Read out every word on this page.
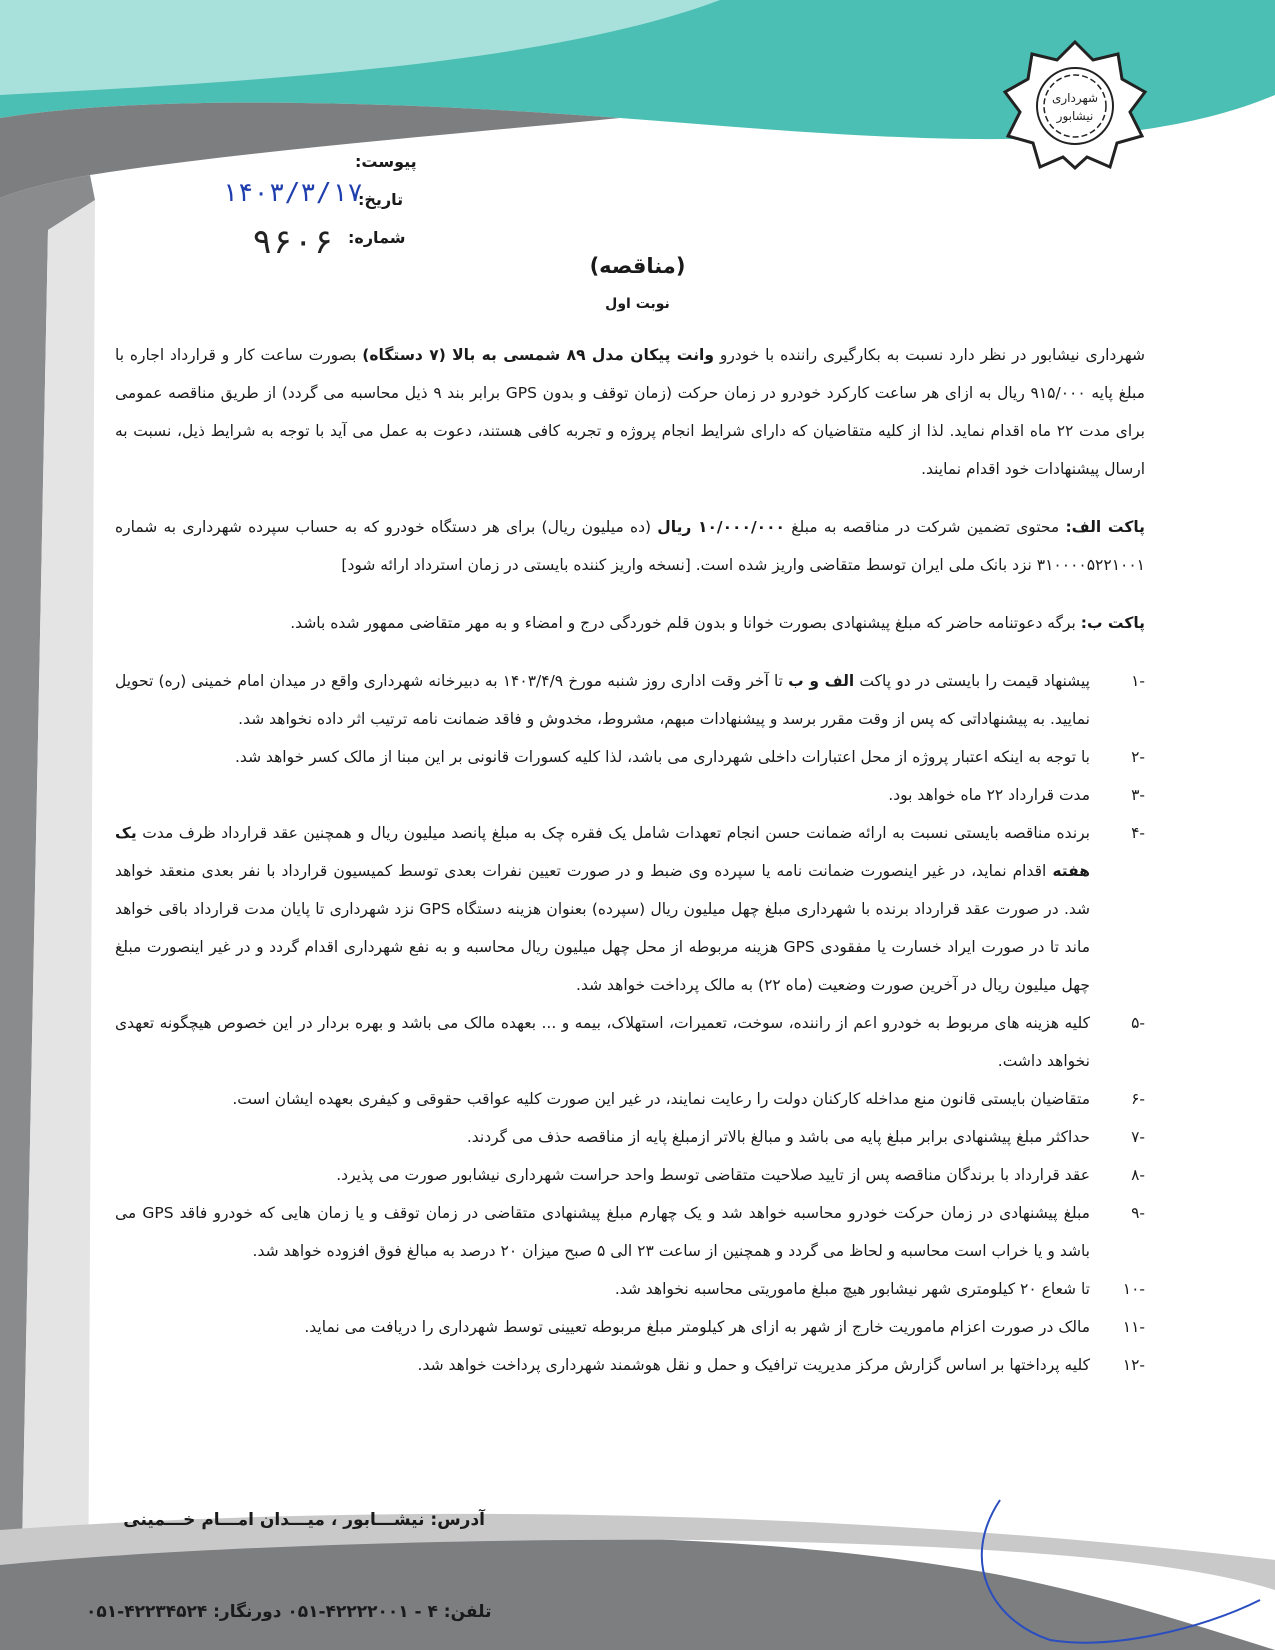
شهرداری
نیشابور
پیوست:
تاریخ:
شماره:
۱۴۰۳/۳/۱۷
۹۶۰۶
(مناقصه)
نوبت اول

شهرداری نیشابور در نظر دارد نسبت به بکارگیری راننده با خودرو وانت پیکان مدل ۸۹ شمسی به بالا (۷ دستگاه) بصورت ساعت کار و قرارداد اجاره با مبلغ پایه ۹۱۵/۰۰۰ ریال به ازای هر ساعت کارکرد خودرو در زمان حرکت (زمان توقف و بدون GPS برابر بند ۹ ذیل محاسبه می گردد) از طریق مناقصه عمومی برای مدت ۲۲ ماه اقدام نماید. لذا از کلیه متقاضیان که دارای شرایط انجام پروژه و تجربه کافی هستند، دعوت به عمل می آید با توجه به شرایط ذیل، نسبت به ارسال پیشنهادات خود اقدام نمایند.

پاکت الف: محتوی تضمین شرکت در مناقصه به مبلغ ۱۰/۰۰۰/۰۰۰ ریال (ده میلیون ریال) برای هر دستگاه خودرو که به حساب سپرده شهرداری به شماره ۳۱۰۰۰۰۵۲۲۱۰۰۱ نزد بانک ملی ایران توسط متقاضی واریز شده است. [نسخه واریز کننده بایستی در زمان استرداد ارائه شود]

پاکت ب: برگه دعوتنامه حاضر که مبلغ پیشنهادی بصورت خوانا و بدون قلم خوردگی درج و امضاء و به مهر متقاضی ممهور شده باشد.

-۱
پیشنهاد قیمت را بایستی در دو پاکت الف و ب تا آخر وقت اداری روز شنبه مورخ ۱۴۰۳/۴/۹ به دبیرخانه شهرداری واقع در میدان امام خمینی (ره) تحویل نمایید. به پیشنهاداتی که پس از وقت مقرر برسد و پیشنهادات مبهم، مشروط، مخدوش و فاقد ضمانت نامه ترتیب اثر داده نخواهد شد.
-۲
با توجه به اینکه اعتبار پروژه از محل اعتبارات داخلی شهرداری می باشد، لذا کلیه کسورات قانونی بر این مبنا از مالک کسر خواهد شد.
-۳
مدت قرارداد ۲۲ ماه خواهد بود.
-۴
برنده مناقصه بایستی نسبت به ارائه ضمانت حسن انجام تعهدات شامل یک فقره چک به مبلغ پانصد میلیون ریال و همچنین عقد قرارداد ظرف مدت یک هفته اقدام نماید، در غیر اینصورت ضمانت نامه یا سپرده وی ضبط و در صورت تعیین نفرات بعدی توسط کمیسیون قرارداد با نفر بعدی منعقد خواهد شد. در صورت عقد قرارداد برنده با شهرداری مبلغ چهل میلیون ریال (سپرده) بعنوان هزینه دستگاه GPS نزد شهرداری تا پایان مدت قرارداد باقی خواهد ماند تا در صورت ایراد خسارت یا مفقودی GPS هزینه مربوطه از محل چهل میلیون ریال محاسبه و به نفع شهرداری اقدام گردد و در غیر اینصورت مبلغ چهل میلیون ریال در آخرین صورت وضعیت (ماه ۲۲) به مالک پرداخت خواهد شد.
-۵
کلیه هزینه های مربوط به خودرو اعم از راننده، سوخت، تعمیرات، استهلاک، بیمه و ... بعهده مالک می باشد و بهره بردار در این خصوص هیچگونه تعهدی نخواهد داشت.
-۶
متقاضیان بایستی قانون منع مداخله کارکنان دولت را رعایت نمایند، در غیر این صورت کلیه عواقب حقوقی و کیفری بعهده ایشان است.
-۷
حداکثر مبلغ پیشنهادی برابر مبلغ پایه می باشد و مبالغ بالاتر ازمبلغ پایه از مناقصه حذف می گردند.
-۸
عقد قرارداد با برندگان مناقصه پس از تایید صلاحیت متقاضی توسط واحد حراست شهرداری نیشابور صورت می پذیرد.
-۹
مبلغ پیشنهادی در زمان حرکت خودرو محاسبه خواهد شد و یک چهارم مبلغ پیشنهادی متقاضی در زمان توقف و یا زمان هایی که خودرو فاقد GPS می باشد و یا خراب است محاسبه و لحاظ می گردد و همچنین از ساعت ۲۳ الی ۵ صبح میزان ۲۰ درصد به مبالغ فوق افزوده خواهد شد.
-۱۰
تا شعاع ۲۰ کیلومتری شهر نیشابور هیچ مبلغ ماموریتی محاسبه نخواهد شد.
-۱۱
مالک در صورت اعزام ماموریت خارج از شهر به ازای هر کیلومتر مبلغ مربوطه تعیینی توسط شهرداری را دریافت می نماید.
-۱۲
کلیه پرداختها بر اساس گزارش مرکز مدیریت ترافیک و حمل و نقل هوشمند شهرداری پرداخت خواهد شد.
آدرس: نیشـــابور ، میـــدان امـــام خـــمینی
تلفن: ۴ - ۴۲۲۲۲۰۰۱-۰۵۱ دورنگار: ۴۲۲۳۴۵۲۴-۰۵۱
